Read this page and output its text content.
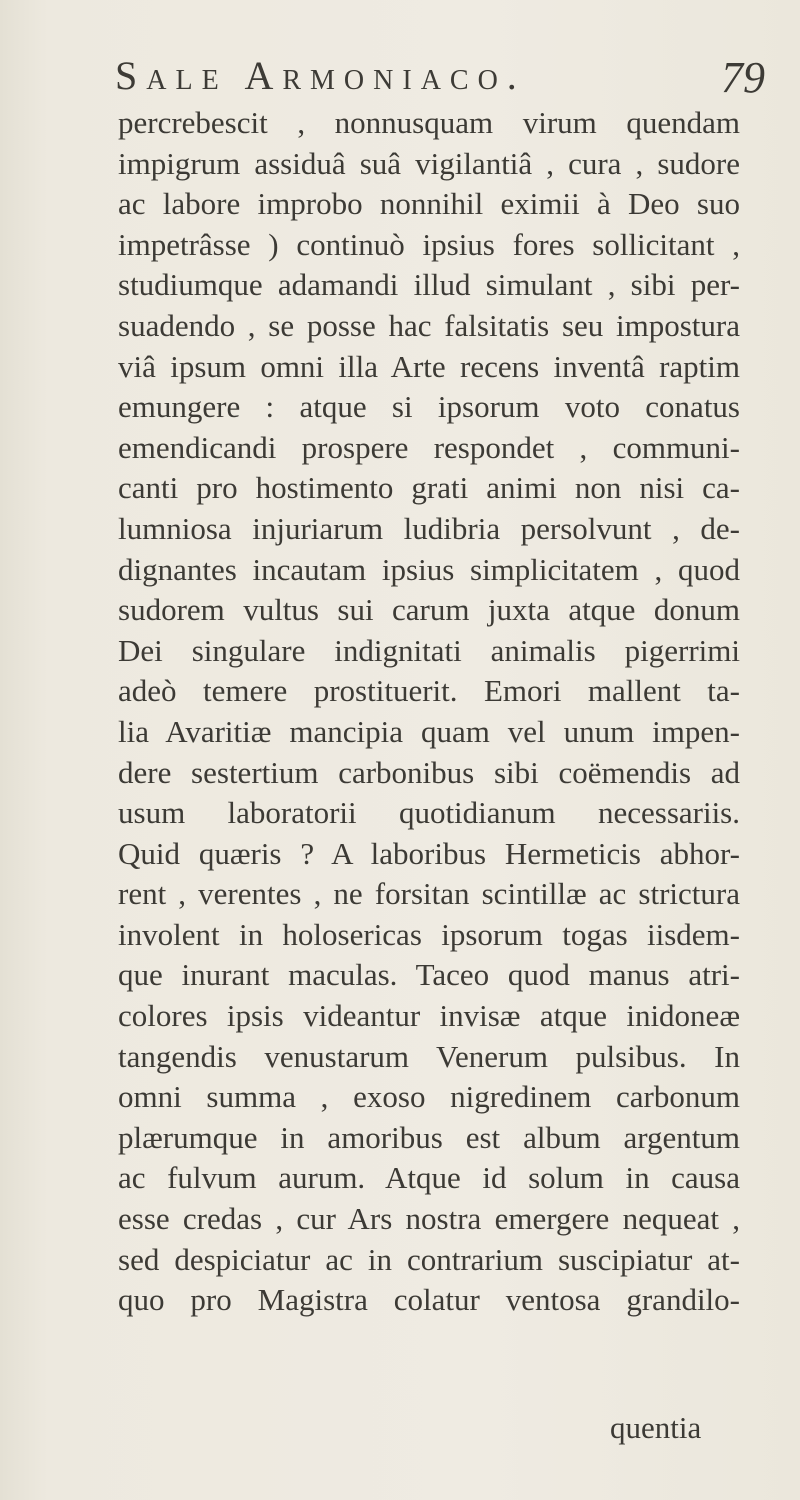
Sale Armoniaco.	79
percrebescit , nonnusquam virum quendam
impigrum assiduâ suâ vigilantiâ , cura , sudore
ac labore improbo nonnihil eximii à Deo suo
impetrâsse ) continuò ipsius fores sollicitant ,
studiumque adamandi illud simulant , sibi per-
suadendo , se posse hac falsitatis seu impostura
viâ ipsum omni illa Arte recens inventâ raptim
emungere : atque si ipsorum voto conatus
emendicandi prospere respondet , communi-
canti pro hostimento grati animi non nisi ca-
lumniosa injuriarum ludibria persolvunt , de-
dignantes incautam ipsius simplicitatem , quod
sudorem vultus sui carum juxta atque donum
Dei singulare indignitati animalis pigerrimi
adeò temere prostituerit. Emori mallent ta-
lia Avaritiæ mancipia quam vel unum impen-
dere sestertium carbonibus sibi coëmendis ad
usum laboratorii quotidianum necessariis.
Quid quæris ? A laboribus Hermeticis abhor-
rent , verentes , ne forsitan scintillæ ac strictura
involent in holosericas ipsorum togas iisdem-
que inurant maculas. Taceo quod manus atri-
colores ipsis videantur invisæ atque inidoneæ
tangendis venustarum Venerum pulsibus. In
omni summa , exoso nigredinem carbonum
plærumque in amoribus est album argentum
ac fulvum aurum. Atque id solum in causa
esse credas , cur Ars nostra emergere nequeat ,
sed despiciatur ac in contrarium suscipiatur at-
quo pro Magistra colatur ventosa grandilo-
quentia
